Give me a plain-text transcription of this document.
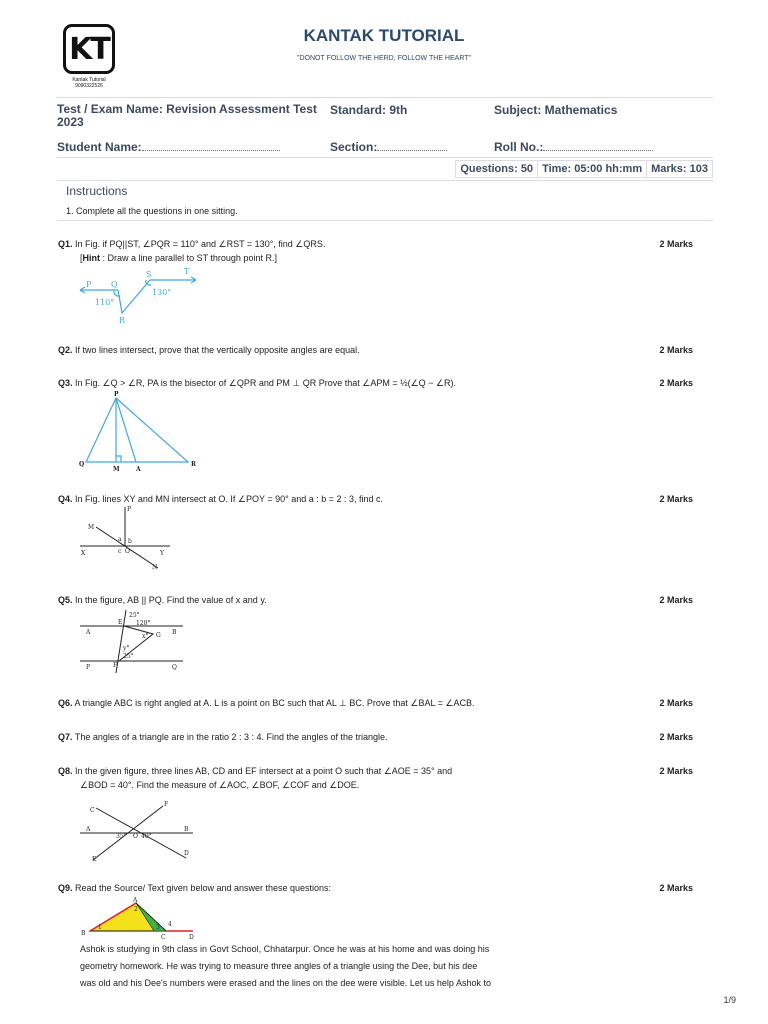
KT
Kantak Tutorial
9090322526
KANTAK TUTORIAL
"DONOT FOLLOW THE HERD, FOLLOW THE HEART"
Test / Exam Name: Revision Assessment Test 2023
Standard: 9th	Subject: Mathematics
Student Name:	Section:	Roll No.:
Questions: 50 Time: 05:00 hh:mm Marks: 103
Instructions
1. Complete all the questions in one sitting.
Q1. In Fig. if PQ||ST, ∠PQR = 110° and ∠RST = 130°, find ∠QRS.
[Hint : Draw a line parallel to ST through point R.]
2 Marks
P Q
S	T
R
110°
130°
Q2. If two lines intersect, prove that the vertically opposite angles are equal.	2 Marks
Q3. In Fig. ∠Q > ∠R, PA is the bisector of ∠QPR and PM ⊥ QR Prove that ∠APM = ½(∠Q − ∠R).	2 Marks
P
Q
M	A
R
Q4. In Fig. lines XY and MN intersect at O. If ∠POY = 90° and a : b = 2 : 3, find c.	2 Marks
P
M
X	Y
N
O
a b
c
Q5. In the figure, AB || PQ. Find the value of x and y.	2 Marks
A	B
P	Q
E
F
G
25°
120°
x°
y°
25°
Q6. A triangle ABC is right angled at A. L is a point on BC such that AL ⊥ BC. Prove that ∠BAL = ∠ACB.	2 Marks
Q7. The angles of a triangle are in the ratio 2 : 3 : 4. Find the angles of the triangle.	2 Marks
Q8. In the given figure, three lines AB, CD and EF intersect at a point O such that ∠AOE = 35° and
∠BOD = 40°. Find the measure of ∠AOC, ∠BOF, ∠COF and ∠DOE.
2 Marks
A	B
C
D
E
F
O
35° 40°
Q9. Read the Source/ Text given below and answer these questions:	2 Marks
A
B
C	D
1
2
3 4
Ashok is studying in 9th class in Govt School, Chhatarpur. Once he was at his home and was doing his
geometry homework. He was trying to measure three angles of a triangle using the Dee, but his dee
was old and his Dee's numbers were erased and the lines on the dee were visible. Let us help Ashok to
1/9
